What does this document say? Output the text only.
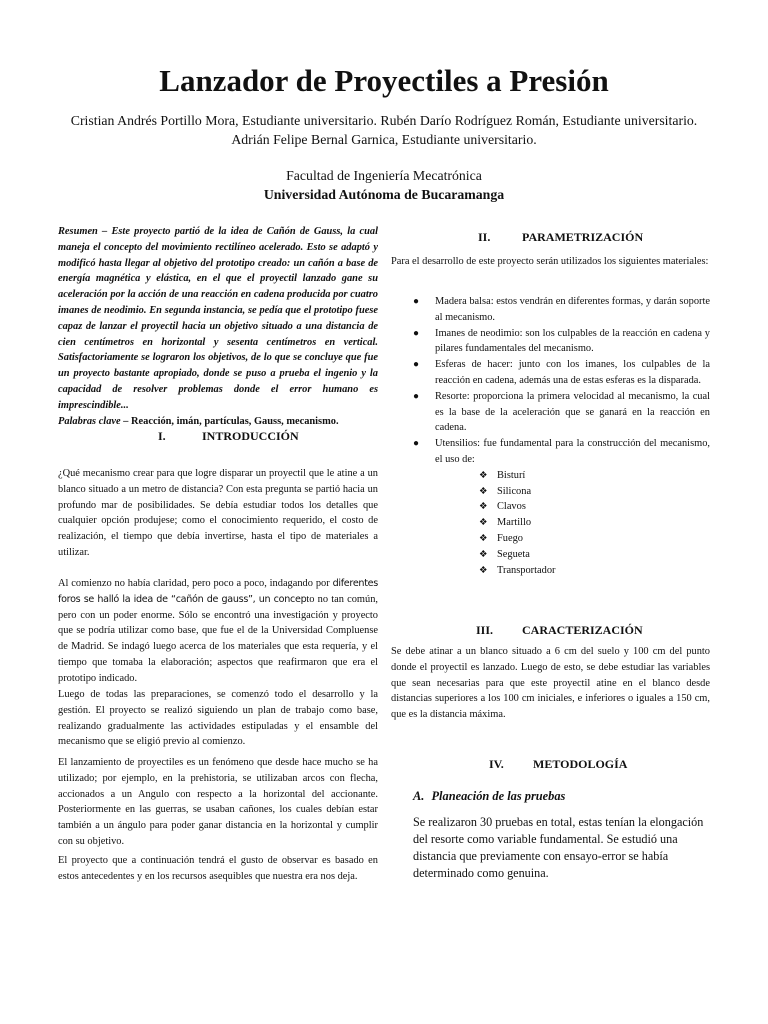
Lanzador de Proyectiles a Presión
Cristian Andrés Portillo Mora, Estudiante universitario. Rubén Darío Rodríguez Román, Estudiante universitario.
Adrián Felipe Bernal Garnica, Estudiante universitario.
Facultad de Ingeniería Mecatrónica
Universidad Autónoma de Bucaramanga
Resumen – Este proyecto partió de la idea de Cañón de Gauss, la cual maneja el concepto del movimiento rectilíneo acelerado. Esto se adaptó y modificó hasta llegar al objetivo del prototipo creado: un cañón a base de energía magnética y elástica, en el que el proyectil lanzado gane su aceleración por la acción de una reacción en cadena producida por cuatro imanes de neodimio. En segunda instancia, se pedía que el prototipo fuese capaz de lanzar el proyectil hacia un objetivo situado a una distancia de cien centímetros en horizontal y sesenta centímetros en vertical. Satisfactoriamente se lograron los objetivos, de lo que se concluye que fue un proyecto bastante apropiado, donde se puso a prueba el ingenio y la capacidad de resolver problemas donde el error humano es imprescindible...
Palabras clave – Reacción, imán, partículas, Gauss, mecanismo.
I.	INTRODUCCIÓN
¿Qué mecanismo crear para que logre disparar un proyectil que le atine a un blanco situado a un metro de distancia? Con esta pregunta se partió hacia un profundo mar de posibilidades. Se debía estudiar todos los detalles que cualquier opción produjese; como el conocimiento requerido, el costo de realización, el tiempo que debía invertirse, hasta el tipo de materiales a utilizar.
Al comienzo no había claridad, pero poco a poco, indagando por diferentes foros se halló la idea de “cañón de gauss”, un concepto no tan común, pero con un poder enorme. Sólo se encontró una investigación y proyecto que se podría utilizar como base, que fue el de la Universidad Compluense de Madrid. Se indagó luego acerca de los materiales que esta requería, y el tiempo que tomaba la elaboración; aspectos que reafirmaron que era el prototipo indicado.
Luego de todas las preparaciones, se comenzó todo el desarrollo y la gestión. El proyecto se realizó siguiendo un plan de trabajo como base, realizando gradualmente las actividades estipuladas y el ensamble del mecanismo que se eligió previo al comienzo.
El lanzamiento de proyectiles es un fenómeno que desde hace mucho se ha utilizado; por ejemplo, en la prehistoria, se utilizaban arcos con flecha, accionados a un Angulo con respecto a la horizontal del accionante. Posteriormente en las guerras, se usaban cañones, los cuales debían estar también a un ángulo para poder ganar distancia en la horizontal y cumplir con su objetivo.
El proyecto que a continuación tendrá el gusto de observar es basado en estos antecedentes y en los recursos asequibles que nuestra era nos deja.
II.	PARAMETRIZACIÓN
Para el desarrollo de este proyecto serán utilizados los siguientes materiales:
● Madera balsa: estos vendrán en diferentes formas, y darán soporte al mecanismo.
● Imanes de neodimio: son los culpables de la reacción en cadena y pilares fundamentales del mecanismo.
● Esferas de hacer: junto con los imanes, los culpables de la reacción en cadena, además una de estas esferas es la disparada.
● Resorte: proporciona la primera velocidad al mecanismo, la cual es la base de la aceleración que se ganará en la reacción en cadena.
● Utensilios: fue fundamental para la construcción del mecanismo, el uso de:
❖ Bisturí
❖ Silicona
❖ Clavos
❖ Martillo
❖ Fuego
❖ Segueta
❖ Transportador
III. CARACTERIZACIÓN
Se debe atinar a un blanco situado a 6 cm del suelo y 100 cm del punto donde el proyectil es lanzado. Luego de esto, se debe estudiar las variables que sean necesarias para que este proyectil atine en el blanco desde distancias superiores a los 100 cm iniciales, e inferiores o iguales a 150 cm, que es la distancia máxima.
IV. METODOLOGÍA
A. Planeación de las pruebas
Se realizaron 30 pruebas en total, estas tenían la elongación del resorte como variable fundamental. Se estudió una distancia que previamente con ensayo-error se había determinado como genuina.
